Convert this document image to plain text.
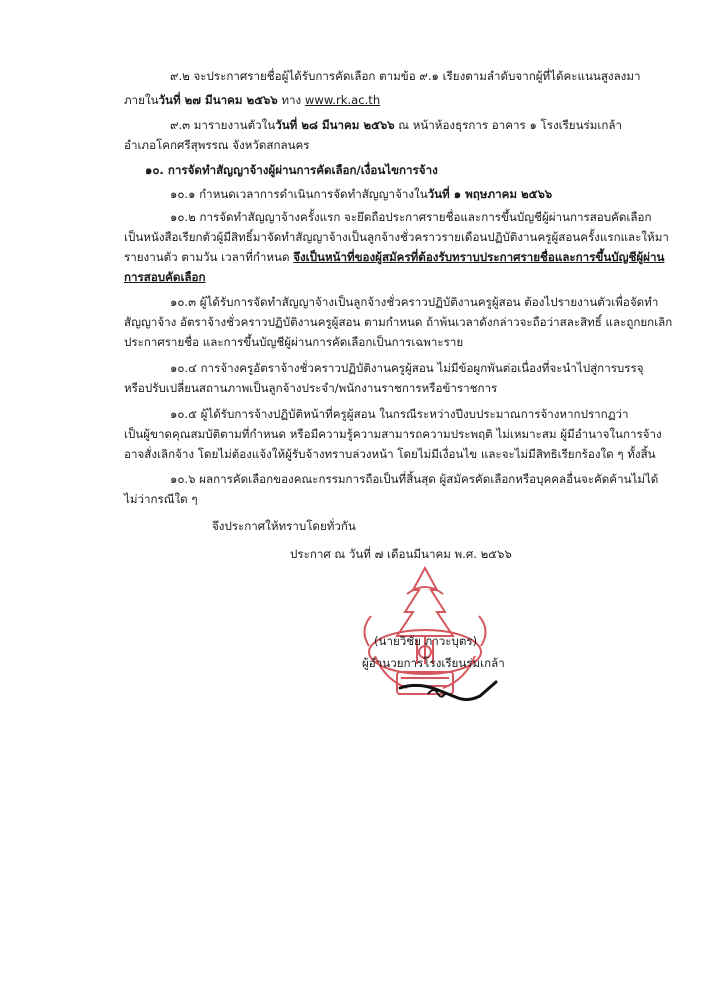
๙.๒ จะประกาศรายชื่อผู้ได้รับการคัดเลือก ตามข้อ ๙.๑ เรียงตามลำดับจากผู้ที่ได้คะแนนสูงลงมา
ภายในวันที่ ๒๗ มีนาคม ๒๕๖๖ ทาง www.rk.ac.th
๙.๓ มารายงานตัวในวันที่ ๒๘ มีนาคม ๒๕๖๖ ณ หน้าห้องธุรการ อาคาร ๑ โรงเรียนร่มเกล้า
อำเภอโคกศรีสุพรรณ จังหวัดสกลนคร
๑๐. การจัดทำสัญญาจ้างผู้ผ่านการคัดเลือก/เงื่อนไขการจ้าง
๑๐.๑ กำหนดเวลาการดำเนินการจัดทำสัญญาจ้างในวันที่ ๑ พฤษภาคม ๒๕๖๖
๑๐.๒ การจัดทำสัญญาจ้างครั้งแรก จะยึดถือประกาศรายชื่อและการขึ้นบัญชีผู้ผ่านการสอบคัดเลือก
เป็นหนังสือเรียกตัวผู้มีสิทธิ์มาจัดทำสัญญาจ้างเป็นลูกจ้างชั่วคราวรายเดือนปฏิบัติงานครูผู้สอนครั้งแรกและให้มา
รายงานตัว ตามวัน เวลาที่กำหนด จึงเป็นหน้าที่ของผู้สมัครที่ต้องรับทราบประกาศรายชื่อและการขึ้นบัญชีผู้ผ่าน
การสอบคัดเลือก
๑๐.๓ ผู้ได้รับการจัดทำสัญญาจ้างเป็นลูกจ้างชั่วคราวปฏิบัติงานครูผู้สอน ต้องไปรายงานตัวเพื่อจัดทำ
สัญญาจ้าง อัตราจ้างชั่วคราวปฏิบัติงานครูผู้สอน ตามกำหนด ถ้าพ้นเวลาดังกล่าวจะถือว่าสละสิทธิ์ และถูกยกเลิก
ประกาศรายชื่อ และการขึ้นบัญชีผู้ผ่านการคัดเลือกเป็นการเฉพาะราย
๑๐.๔ การจ้างครูอัตราจ้างชั่วคราวปฏิบัติงานครูผู้สอน ไม่มีข้อผูกพันต่อเนื่องที่จะนำไปสู่การบรรจุ
หรือปรับเปลี่ยนสถานภาพเป็นลูกจ้างประจำ/พนักงานราชการหรือข้าราชการ
๑๐.๕ ผู้ได้รับการจ้างปฏิบัติหน้าที่ครูผู้สอน ในกรณีระหว่างปีงบประมาณการจ้างหากปรากฏว่า
เป็นผู้ขาดคุณสมบัติตามที่กำหนด หรือมีความรู้ความสามารถความประพฤติ ไม่เหมาะสม ผู้มีอำนาจในการจ้าง
อาจสั่งเลิกจ้าง โดยไม่ต้องแจ้งให้ผู้รับจ้างทราบล่วงหน้า โดยไม่มีเงื่อนไข และจะไม่มีสิทธิเรียกร้องใด ๆ ทั้งสิ้น
๑๐.๖ ผลการคัดเลือกของคณะกรรมการถือเป็นที่สิ้นสุด ผู้สมัครคัดเลือกหรือบุคคลอื่นจะคัดค้านไม่ได้
ไม่ว่ากรณีใด ๆ
จึงประกาศให้ทราบโดยทั่วกัน
ประกาศ ณ วันที่ ๗ เดือนมีนาคม พ.ศ. ๒๕๖๖
(นายวิชัย ภาวะบุตร)
ผู้อำนวยการโรงเรียนร่มเกล้า
